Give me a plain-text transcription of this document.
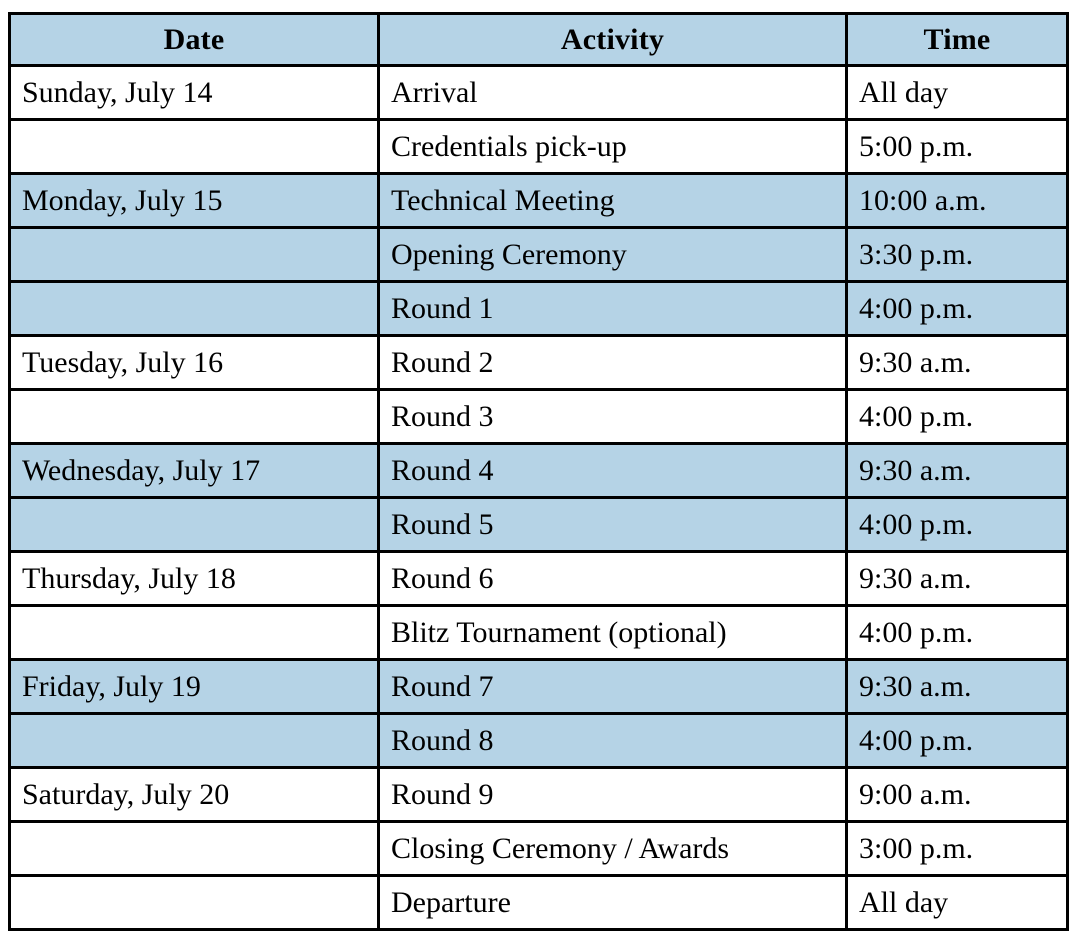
Date	Activity	Time
Sunday, July 14	Arrival	All day
	Credentials pick-up	5:00 p.m.
Monday, July 15	Technical Meeting	10:00 a.m.
	Opening Ceremony	3:30 p.m.
	Round 1	4:00 p.m.
Tuesday, July 16	Round 2	9:30 a.m.
	Round 3	4:00 p.m.
Wednesday, July 17	Round 4	9:30 a.m.
	Round 5	4:00 p.m.
Thursday, July 18	Round 6	9:30 a.m.
	Blitz Tournament (optional)	4:00 p.m.
Friday, July 19	Round 7	9:30 a.m.
	Round 8	4:00 p.m.
Saturday, July 20	Round 9	9:00 a.m.
	Closing Ceremony / Awards	3:00 p.m.
	Departure	All day
